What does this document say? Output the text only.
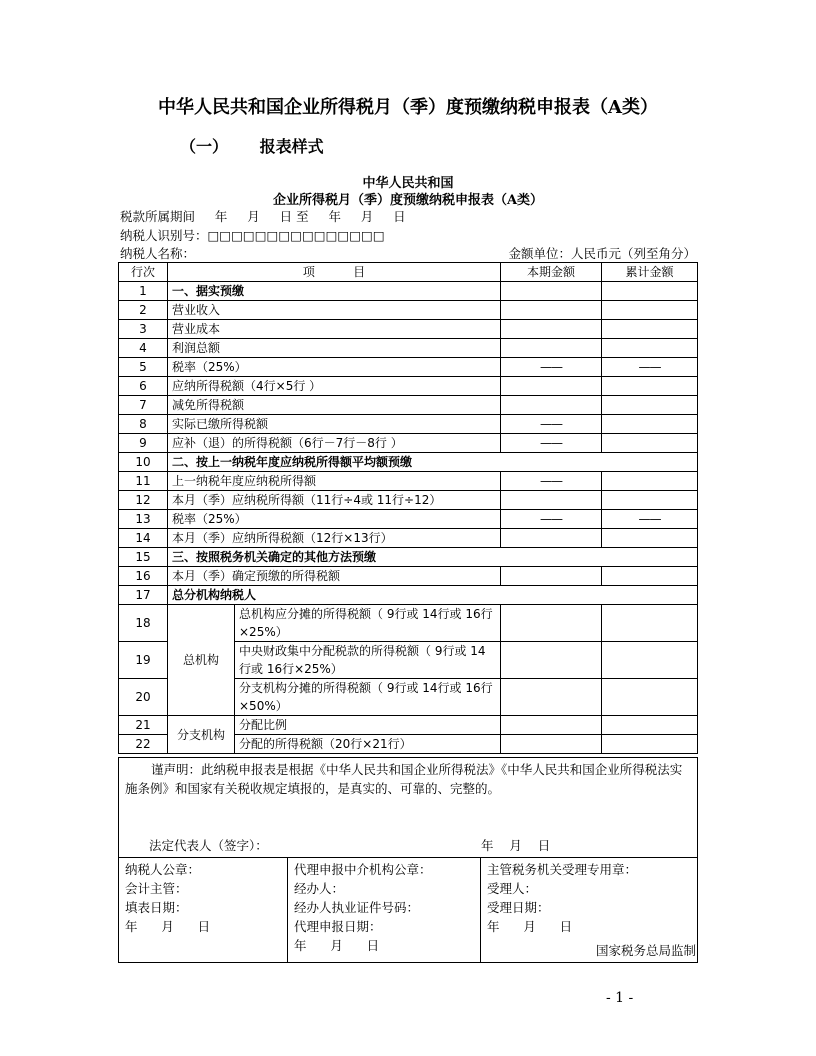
中华人民共和国企业所得税月（季）度预缴纳税申报表（A类）
（一） 报表样式
中华人民共和国
企业所得税月（季）度预缴纳税申报表（A类）
税款所属期间     年     月     日 至     年     月     日
纳税人识别号：□□□□□□□□□□□□□□□
纳税人名称：	金额单位：人民币元（列至角分）
行次	项          目		本期金额	累计金额
1	一、据实预缴			
2	营业收入			
3	营业成本			
4	利润总额			
5	税率（25%）		——	——
6	应纳所得税额（4行×5行 ）			
7	减免所得税额			
8	实际已缴所得税额		——	
9	应补（退）的所得税额（6行－7行－8行 ）		——	
10	二、按上一纳税年度应纳税所得额平均额预缴			
11	上一纳税年度应纳税所得额		——	
12	本月（季）应纳税所得额（11行÷4或 11行÷12）			
13	税率（25%）		——	——
14	本月（季）应纳所得税额（12行×13行）			
15	三、按照税务机关确定的其他方法预缴			
16	本月（季）确定预缴的所得税额			
17	总分机构纳税人			
18	总机构	总机构应分摊的所得税额（ 9行或 14行或 16行×25%）		
19		中央财政集中分配税款的所得税额（ 9行或 14行或 16行×25%）		
20		分支机构分摊的所得税额（ 9行或 14行或 16行×50%）		
21	分支机构	分配比例		
22		分配的所得税额（20行×21行）		
谨声明：此纳税申报表是根据《中华人民共和国企业所得税法》《中华人民共和国企业所得税法实施条例》和国家有关税收规定填报的，是真实的、可靠的、完整的。
法定代表人（签字）：	年    月    日

纳税人公章：
会计主管：
填表日期：
年      月      日

代理申报中介机构公章：
经办人：
经办人执业证件号码：
代理申报日期：
年      月      日

主管税务机关受理专用章：
受理人：
受理日期：
年      月      日
国家税务总局监制
- 1 -
